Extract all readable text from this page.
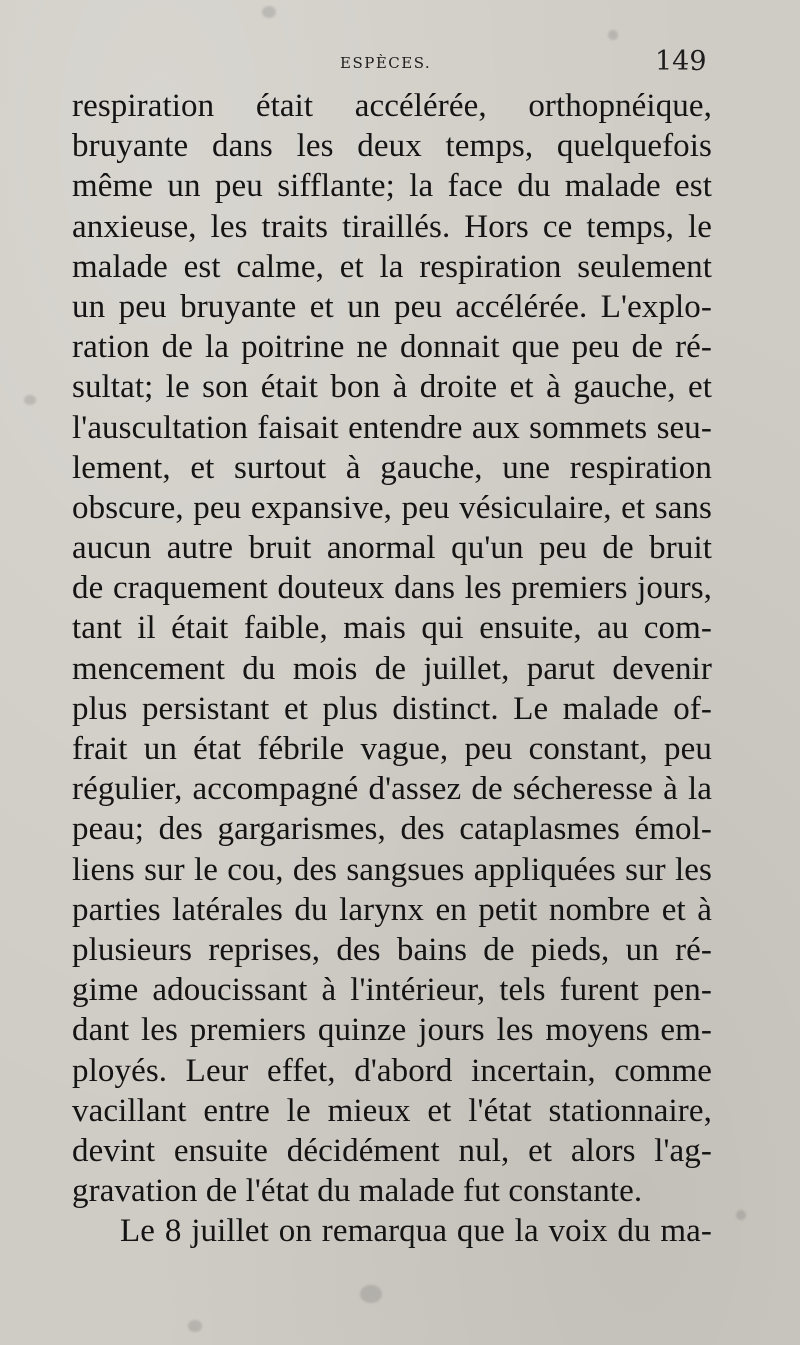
ESPÈCES.	149
respiration était accélérée, orthopnéique,
bruyante dans les deux temps, quelquefois
même un peu sifflante; la face du malade est
anxieuse, les traits tiraillés. Hors ce temps, le
malade est calme, et la respiration seulement
un peu bruyante et un peu accélérée. L'explo-
ration de la poitrine ne donnait que peu de ré-
sultat; le son était bon à droite et à gauche, et
l'auscultation faisait entendre aux sommets seu-
lement, et surtout à gauche, une respiration
obscure, peu expansive, peu vésiculaire, et sans
aucun autre bruit anormal qu'un peu de bruit
de craquement douteux dans les premiers jours,
tant il était faible, mais qui ensuite, au com-
mencement du mois de juillet, parut devenir
plus persistant et plus distinct. Le malade of-
frait un état fébrile vague, peu constant, peu
régulier, accompagné d'assez de sécheresse à la
peau; des gargarismes, des cataplasmes émol-
liens sur le cou, des sangsues appliquées sur les
parties latérales du larynx en petit nombre et à
plusieurs reprises, des bains de pieds, un ré-
gime adoucissant à l'intérieur, tels furent pen-
dant les premiers quinze jours les moyens em-
ployés. Leur effet, d'abord incertain, comme
vacillant entre le mieux et l'état stationnaire,
devint ensuite décidément nul, et alors l'ag-
gravation de l'état du malade fut constante.
Le 8 juillet on remarqua que la voix du ma-
